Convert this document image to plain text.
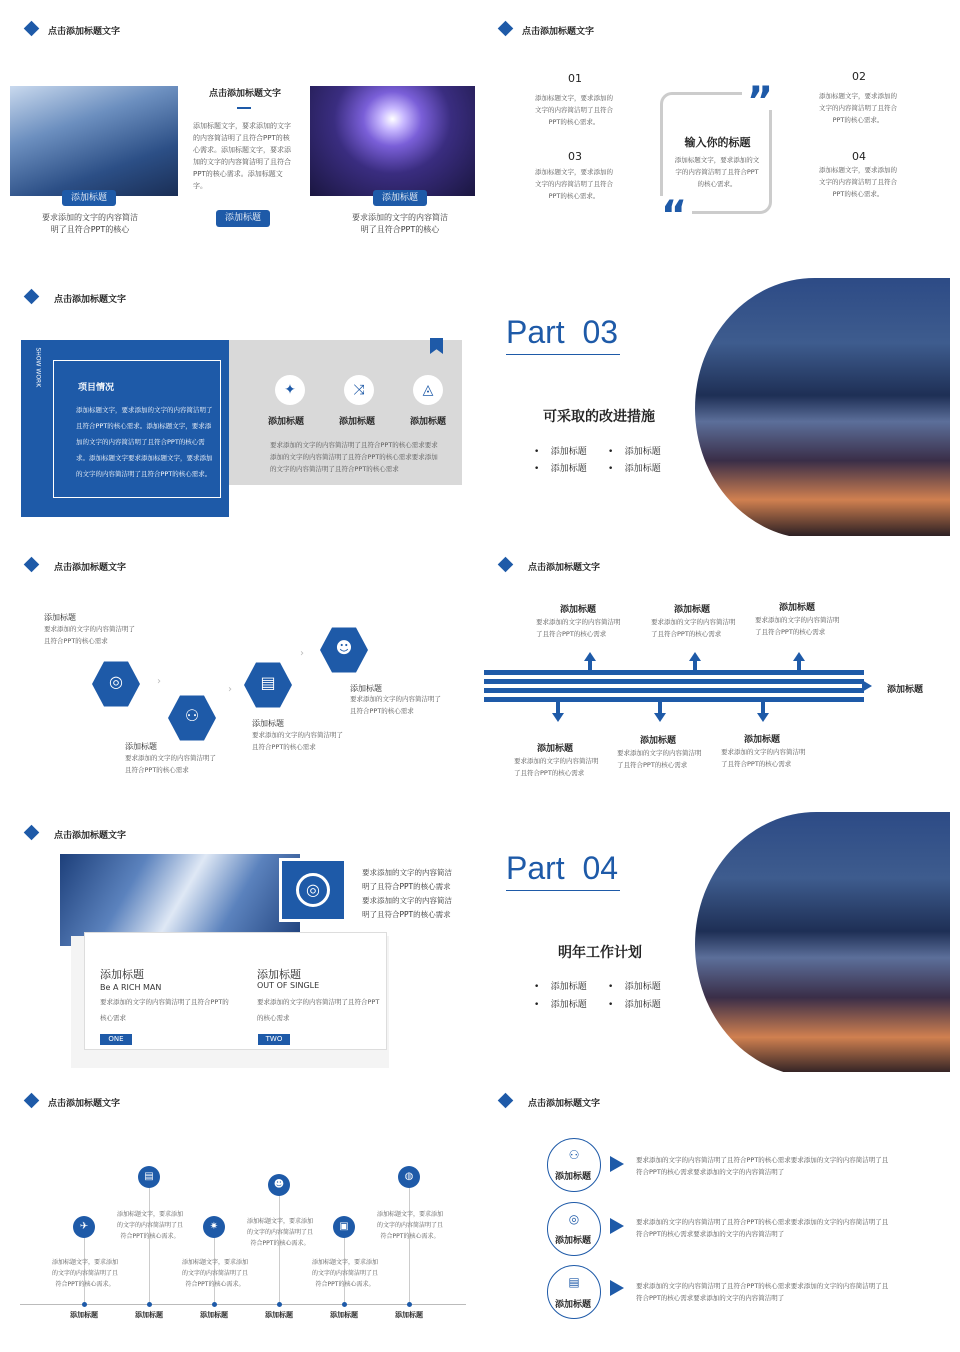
点击添加标题文字
添加标题
要求添加的文字的内容简洁明了且符合PPT的核心
点击添加标题文字
添加标题文字，要求添加的文字的内容简洁明了且符合PPT的核心需求。添加标题文字，要求添加的文字的内容简洁明了且符合PPT的核心需求。添加标题文字。
添加标题
添加标题
要求添加的文字的内容简洁明了且符合PPT的核心
点击添加标题文字
01
添加标题文字，要求添加的文字的内容简洁明了且符合PPT的核心需求。
03
添加标题文字，要求添加的文字的内容简洁明了且符合PPT的核心需求。
”
“
输入你的标题
添加标题文字，要求添加的文字的内容简洁明了且符合PPT的核心需求。
02
添加标题文字，要求添加的文字的内容简洁明了且符合PPT的核心需求。
04
添加标题文字，要求添加的文字的内容简洁明了且符合PPT的核心需求。
点击添加标题文字
SHOW WORK
项目情况
添加标题文字，要求添加的文字的内容简洁明了且符合PPT的核心需求。添加标题文字，要求添加的文字的内容简洁明了且符合PPT的核心需求。添加标题文字要求添加标题文字，要求添加的文字的内容简洁明了且符合PPT的核心需求。
✦	⤨	◬
添加标题	添加标题	添加标题
要求添加的文字的内容简洁明了且符合PPT的核心需求要求添加的文字的内容简洁明了且符合PPT的核心需求要求添加的文字的内容简洁明了且符合PPT的核心需求
Part  03
可采取的改进措施
•    添加标题 •    添加标题
•    添加标题 •    添加标题
点击添加标题文字
添加标题
要求添加的文字的内容简洁明了且符合PPT的核心需求
◎
⚇
▤
☻
›
›
›
添加标题
要求添加的文字的内容简洁明了且符合PPT的核心需求
添加标题
要求添加的文字的内容简洁明了且符合PPT的核心需求
添加标题
要求添加的文字的内容简洁明了且符合PPT的核心需求
点击添加标题文字
添加标题
添加标题
要求添加的文字的内容简洁明了且符合PPT的核心需求
添加标题
要求添加的文字的内容简洁明了且符合PPT的核心需求
添加标题
要求添加的文字的内容简洁明了且符合PPT的核心需求
添加标题
要求添加的文字的内容简洁明了且符合PPT的核心需求
添加标题
要求添加的文字的内容简洁明了且符合PPT的核心需求
添加标题
要求添加的文字的内容简洁明了且符合PPT的核心需求
点击添加标题文字
◎
要求添加的文字的内容简洁明了且符合PPT的核心需求要求添加的文字的内容简洁明了且符合PPT的核心需求
添加标题
Be A RICH MAN
要求添加的文字的内容简洁明了且符合PPT的核心需求
ONE
添加标题
OUT OF SINGLE
要求添加的文字的内容简洁明了且符合PPT的核心需求
TWO
Part  04
明年工作计划
•    添加标题 •    添加标题
•    添加标题 •    添加标题
点击添加标题文字
✈
▤
✷
☻
▣
◍
添加标题文字，要求添加的文字的内容简洁明了且符合PPT的核心需求。
添加标题文字，要求添加的文字的内容简洁明了且符合PPT的核心需求。
添加标题文字，要求添加的文字的内容简洁明了且符合PPT的核心需求。
添加标题文字，要求添加的文字的内容简洁明了且符合PPT的核心需求。
添加标题文字，要求添加的文字的内容简洁明了且符合PPT的核心需求。
添加标题文字，要求添加的文字的内容简洁明了且符合PPT的核心需求。
添加标题	添加标题	添加标题	添加标题	添加标题	添加标题
点击添加标题文字
⚇
添加标题
要求添加的文字的内容简洁明了且符合PPT的核心需求要求添加的文字的内容简洁明了且符合PPT的核心需求要求添加的文字的内容简洁明了
◎
添加标题
要求添加的文字的内容简洁明了且符合PPT的核心需求要求添加的文字的内容简洁明了且符合PPT的核心需求要求添加的文字的内容简洁明了
▤
添加标题
要求添加的文字的内容简洁明了且符合PPT的核心需求要求添加的文字的内容简洁明了且符合PPT的核心需求要求添加的文字的内容简洁明了
